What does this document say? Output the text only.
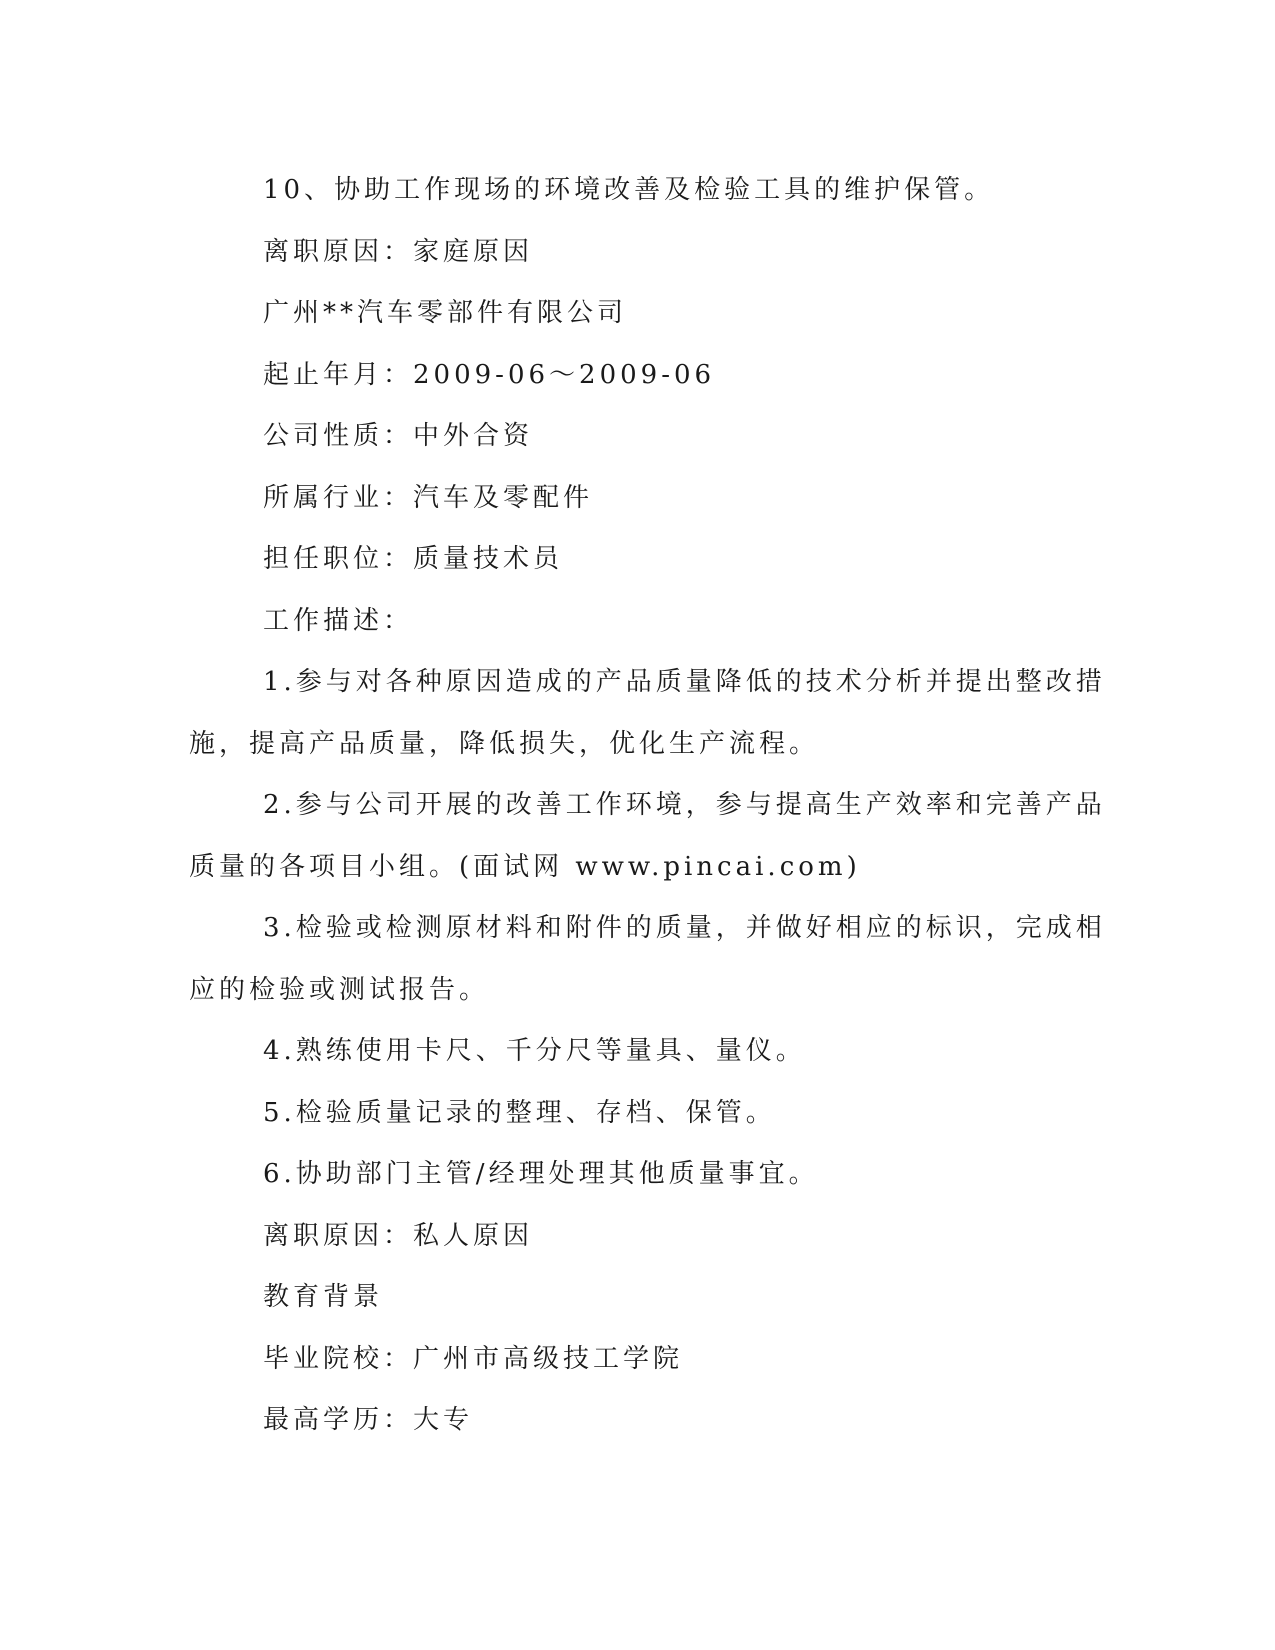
10、协助工作现场的环境改善及检验工具的维护保管。

离职原因：家庭原因

广州**汽车零部件有限公司

起止年月：2009-06～2009-06

公司性质：中外合资

所属行业：汽车及零配件

担任职位：质量技术员

工作描述：

1.参与对各种原因造成的产品质量降低的技术分析并提出整改措

施，提高产品质量，降低损失，优化生产流程。

2.参与公司开展的改善工作环境，参与提高生产效率和完善产品

质量的各项目小组。(面试网 www.pincai.com)

3.检验或检测原材料和附件的质量，并做好相应的标识，完成相

应的检验或测试报告。

4.熟练使用卡尺、千分尺等量具、量仪。

5.检验质量记录的整理、存档、保管。

6.协助部门主管/经理处理其他质量事宜。

离职原因：私人原因

教育背景

毕业院校：广州市高级技工学院

最高学历：大专
